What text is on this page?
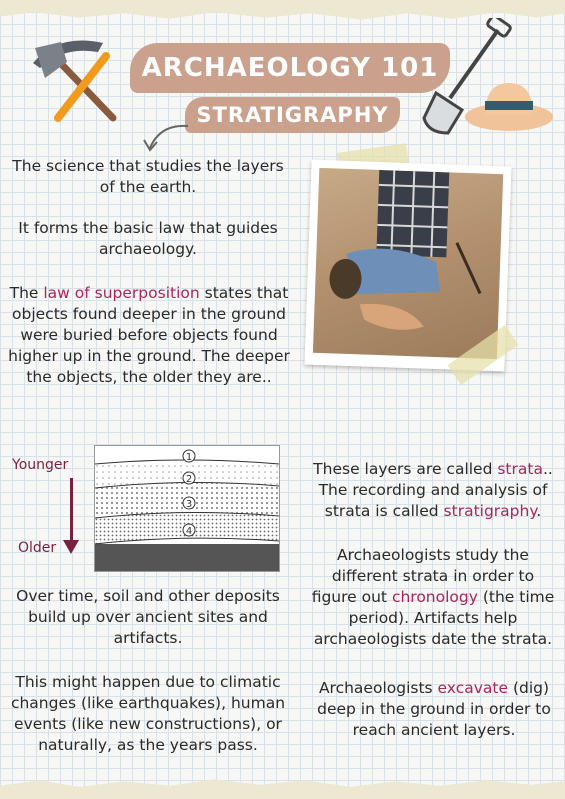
ARCHAEOLOGY 101
STRATIGRAPHY

The science that studies the layers of the earth.

It forms the basic law that guides archaeology.

The law of superposition states that objects found deeper in the ground were buried before objects found higher up in the ground. The deeper the objects, the older they are..

Younger
Older
1
2
3
4

Over time, soil and other deposits build up over ancient sites and artifacts.

This might happen due to climatic changes (like earthquakes), human events (like new constructions), or naturally, as the years pass.

These layers are called strata.. The recording and analysis of strata is called stratigraphy.

Archaeologists study the different strata in order to figure out chronology (the time period). Artifacts help archaeologists date the strata.

Archaeologists excavate (dig) deep in the ground in order to reach ancient layers.
